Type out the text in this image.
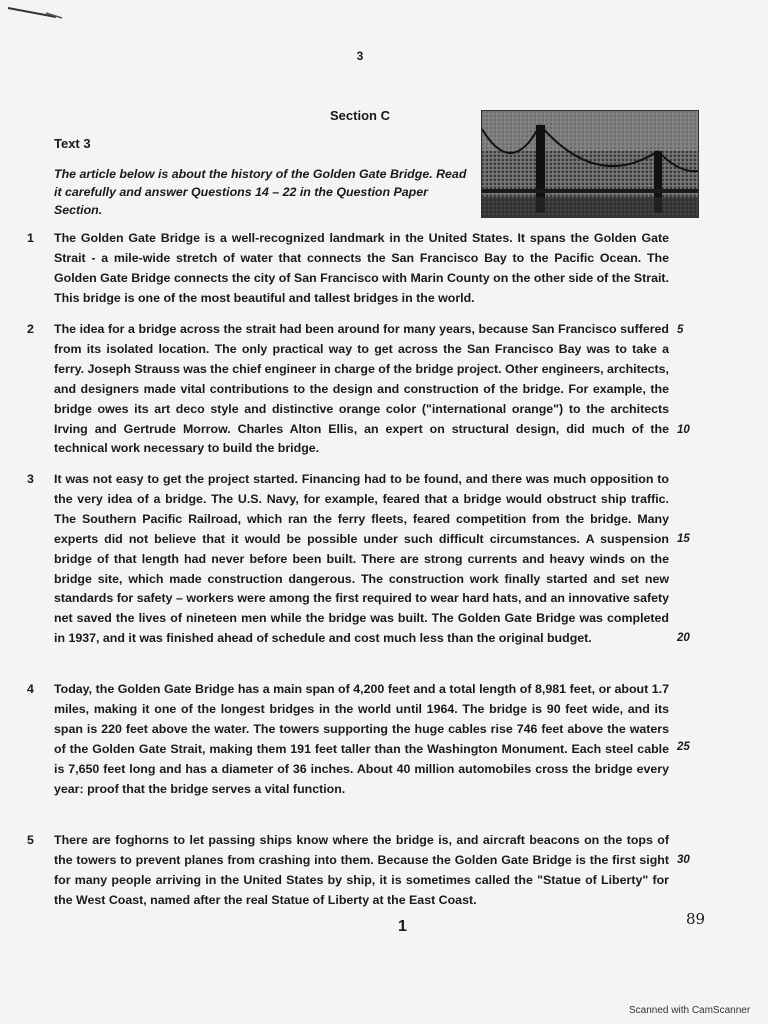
3
Section C
Text 3

The article below is about the history of the Golden Gate Bridge. Read it carefully and answer Questions 14 – 22 in the Question Paper Section.

1 The Golden Gate Bridge is a well-recognized landmark in the United States. It spans the Golden Gate Strait - a mile-wide stretch of water that connects the San Francisco Bay to the Pacific Ocean. The Golden Gate Bridge connects the city of San Francisco with Marin County on the other side of the Strait. This bridge is one of the most beautiful and tallest bridges in the world.

2 The idea for a bridge across the strait had been around for many years, because San Francisco suffered from its isolated location. The only practical way to get across the San Francisco Bay was to take a ferry. Joseph Strauss was the chief engineer in charge of the bridge project. Other engineers, architects, and designers made vital contributions to the design and construction of the bridge. For example, the bridge owes its art deco style and distinctive orange color ("international orange") to the architects Irving and Gertrude Morrow. Charles Alton Ellis, an expert on structural design, did much of the technical work necessary to build the bridge.

3 It was not easy to get the project started. Financing had to be found, and there was much opposition to the very idea of a bridge. The U.S. Navy, for example, feared that a bridge would obstruct ship traffic. The Southern Pacific Railroad, which ran the ferry fleets, feared competition from the bridge. Many experts did not believe that it would be possible under such difficult circumstances. A suspension bridge of that length had never before been built. There are strong currents and heavy winds on the bridge site, which made construction dangerous. The construction work finally started and set new standards for safety – workers were among the first required to wear hard hats, and an innovative safety net saved the lives of nineteen men while the bridge was built. The Golden Gate Bridge was completed in 1937, and it was finished ahead of schedule and cost much less than the original budget.

4 Today, the Golden Gate Bridge has a main span of 4,200 feet and a total length of 8,981 feet, or about 1.7 miles, making it one of the longest bridges in the world until 1964. The bridge is 90 feet wide, and its span is 220 feet above the water. The towers supporting the huge cables rise 746 feet above the waters of the Golden Gate Strait, making them 191 feet taller than the Washington Monument. Each steel cable is 7,650 feet long and has a diameter of 36 inches. About 40 million automobiles cross the bridge every year: proof that the bridge serves a vital function.

5 There are foghorns to let passing ships know where the bridge is, and aircraft beacons on the tops of the towers to prevent planes from crashing into them. Because the Golden Gate Bridge is the first sight for many people arriving in the United States by ship, it is sometimes called the "Statue of Liberty" for the West Coast, named after the real Statue of Liberty at the East Coast.

5
10
15
20
25
30
1	89
Scanned with CamScanner
